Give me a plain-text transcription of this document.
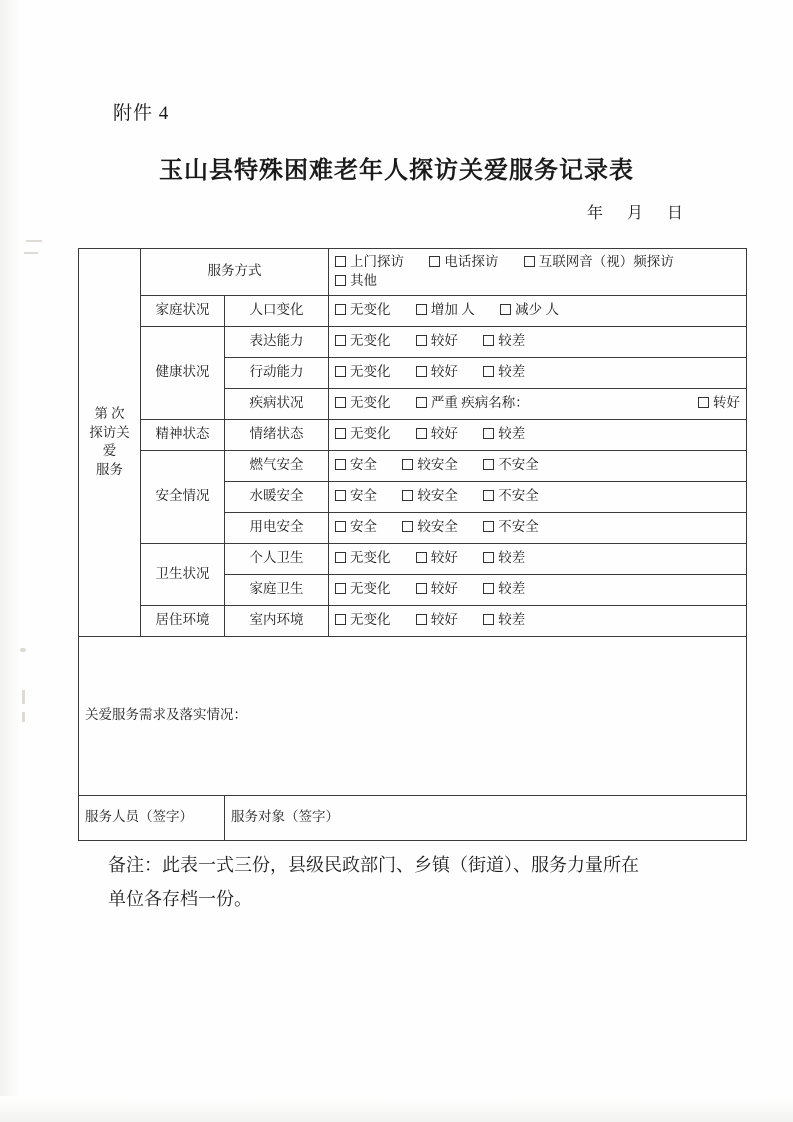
附件 4
玉山县特殊困难老年人探访关爱服务记录表
年 月 日
第 次
探访关爱
服务	服务方式		上门探访 电话探访 互联网音（视）频探访 其他
	家庭状况	人口变化	无变化 增加 人 减少 人
	健康状况	表达能力	无变化 较好 较差
		行动能力	无变化 较好 较差
		疾病状况	无变化 严重 疾病名称： 转好

	精神状态	情绪状态	无变化 较好 较差
	安全情况	燃气安全	安全 较安全 不安全
		水暖安全	安全 较安全 不安全
		用电安全	安全 较安全 不安全
	卫生状况	个人卫生	无变化 较好 较差
		家庭卫生	无变化 较好 较差
	居住环境	室内环境	无变化 较好 较差
关爱服务需求及落实情况：			
服务人员（签字）		服务对象（签字）	
备注：此表一式三份，县级民政部门、乡镇（街道）、服务力量所在
单位各存档一份。
